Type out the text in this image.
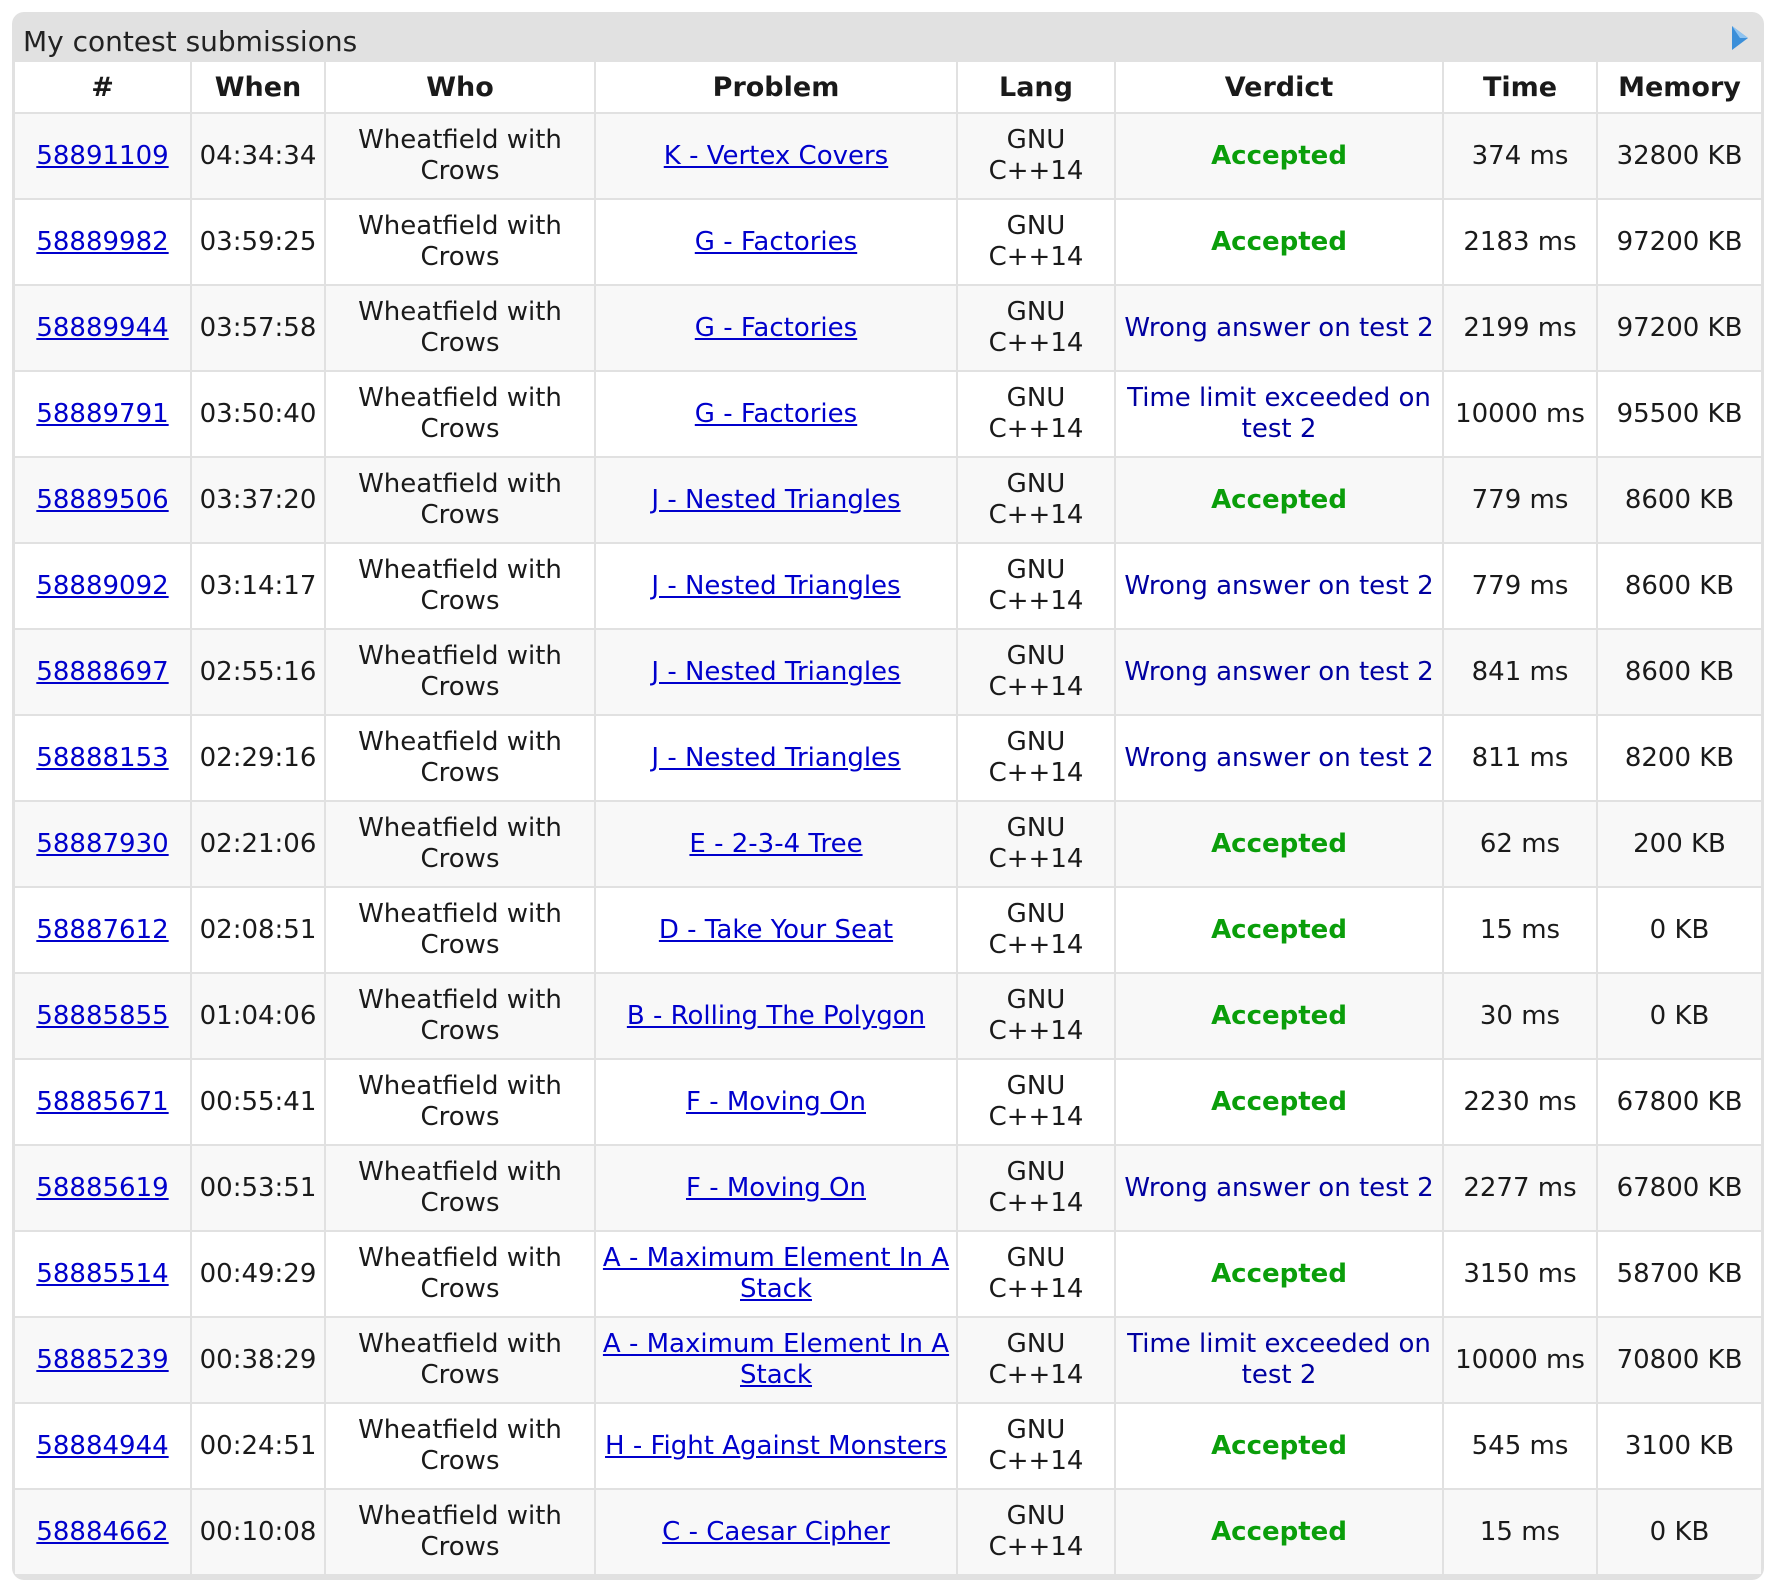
My contest submissions
#	When	Who	Problem	Lang	Verdict	Time	Memory
58891109	04:34:34	Wheatfield with Crows	K - Vertex Covers	GNU C++14	Accepted	374 ms	32800 KB
58889982	03:59:25	Wheatfield with Crows	G - Factories	GNU C++14	Accepted	2183 ms	97200 KB
58889944	03:57:58	Wheatfield with Crows	G - Factories	GNU C++14	Wrong answer on test 2	2199 ms	97200 KB
58889791	03:50:40	Wheatfield with Crows	G - Factories	GNU C++14	Time limit exceeded on test 2	10000 ms	95500 KB
58889506	03:37:20	Wheatfield with Crows	J - Nested Triangles	GNU C++14	Accepted	779 ms	8600 KB
58889092	03:14:17	Wheatfield with Crows	J - Nested Triangles	GNU C++14	Wrong answer on test 2	779 ms	8600 KB
58888697	02:55:16	Wheatfield with Crows	J - Nested Triangles	GNU C++14	Wrong answer on test 2	841 ms	8600 KB
58888153	02:29:16	Wheatfield with Crows	J - Nested Triangles	GNU C++14	Wrong answer on test 2	811 ms	8200 KB
58887930	02:21:06	Wheatfield with Crows	E - 2-3-4 Tree	GNU C++14	Accepted	62 ms	200 KB
58887612	02:08:51	Wheatfield with Crows	D - Take Your Seat	GNU C++14	Accepted	15 ms	0 KB
58885855	01:04:06	Wheatfield with Crows	B - Rolling The Polygon	GNU C++14	Accepted	30 ms	0 KB
58885671	00:55:41	Wheatfield with Crows	F - Moving On	GNU C++14	Accepted	2230 ms	67800 KB
58885619	00:53:51	Wheatfield with Crows	F - Moving On	GNU C++14	Wrong answer on test 2	2277 ms	67800 KB
58885514	00:49:29	Wheatfield with Crows	A - Maximum Element In A Stack	GNU C++14	Accepted	3150 ms	58700 KB
58885239	00:38:29	Wheatfield with Crows	A - Maximum Element In A Stack	GNU C++14	Time limit exceeded on test 2	10000 ms	70800 KB
58884944	00:24:51	Wheatfield with Crows	H - Fight Against Monsters	GNU C++14	Accepted	545 ms	3100 KB
58884662	00:10:08	Wheatfield with Crows	C - Caesar Cipher	GNU C++14	Accepted	15 ms	0 KB
